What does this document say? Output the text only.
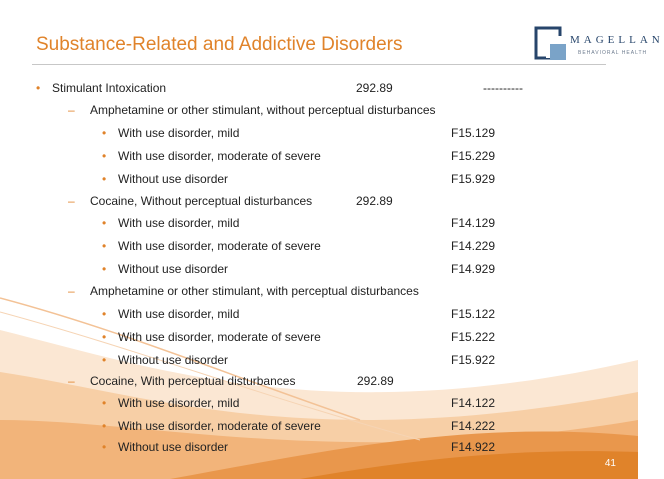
Substance-Related and Addictive Disorders	MAGELLAN
BEHAVIORAL HEALTH
• Stimulant Intoxication	292.89	----------
– Amphetamine or other stimulant, without perceptual disturbances
• With use disorder, mild	F15.129
• With use disorder, moderate of severe	F15.229
• Without use disorder	F15.929
– Cocaine, Without perceptual disturbances	292.89
• With use disorder, mild	F14.129
• With use disorder, moderate of severe	F14.229
• Without use disorder	F14.929
– Amphetamine or other stimulant, with perceptual disturbances
• With use disorder, mild	F15.122
• With use disorder, moderate of severe	F15.222
• Without use disorder	F15.922
– Cocaine, With perceptual disturbances	292.89
• With use disorder, mild	F14.122
• With use disorder, moderate of severe	F14.222
• Without use disorder	F14.922
41
